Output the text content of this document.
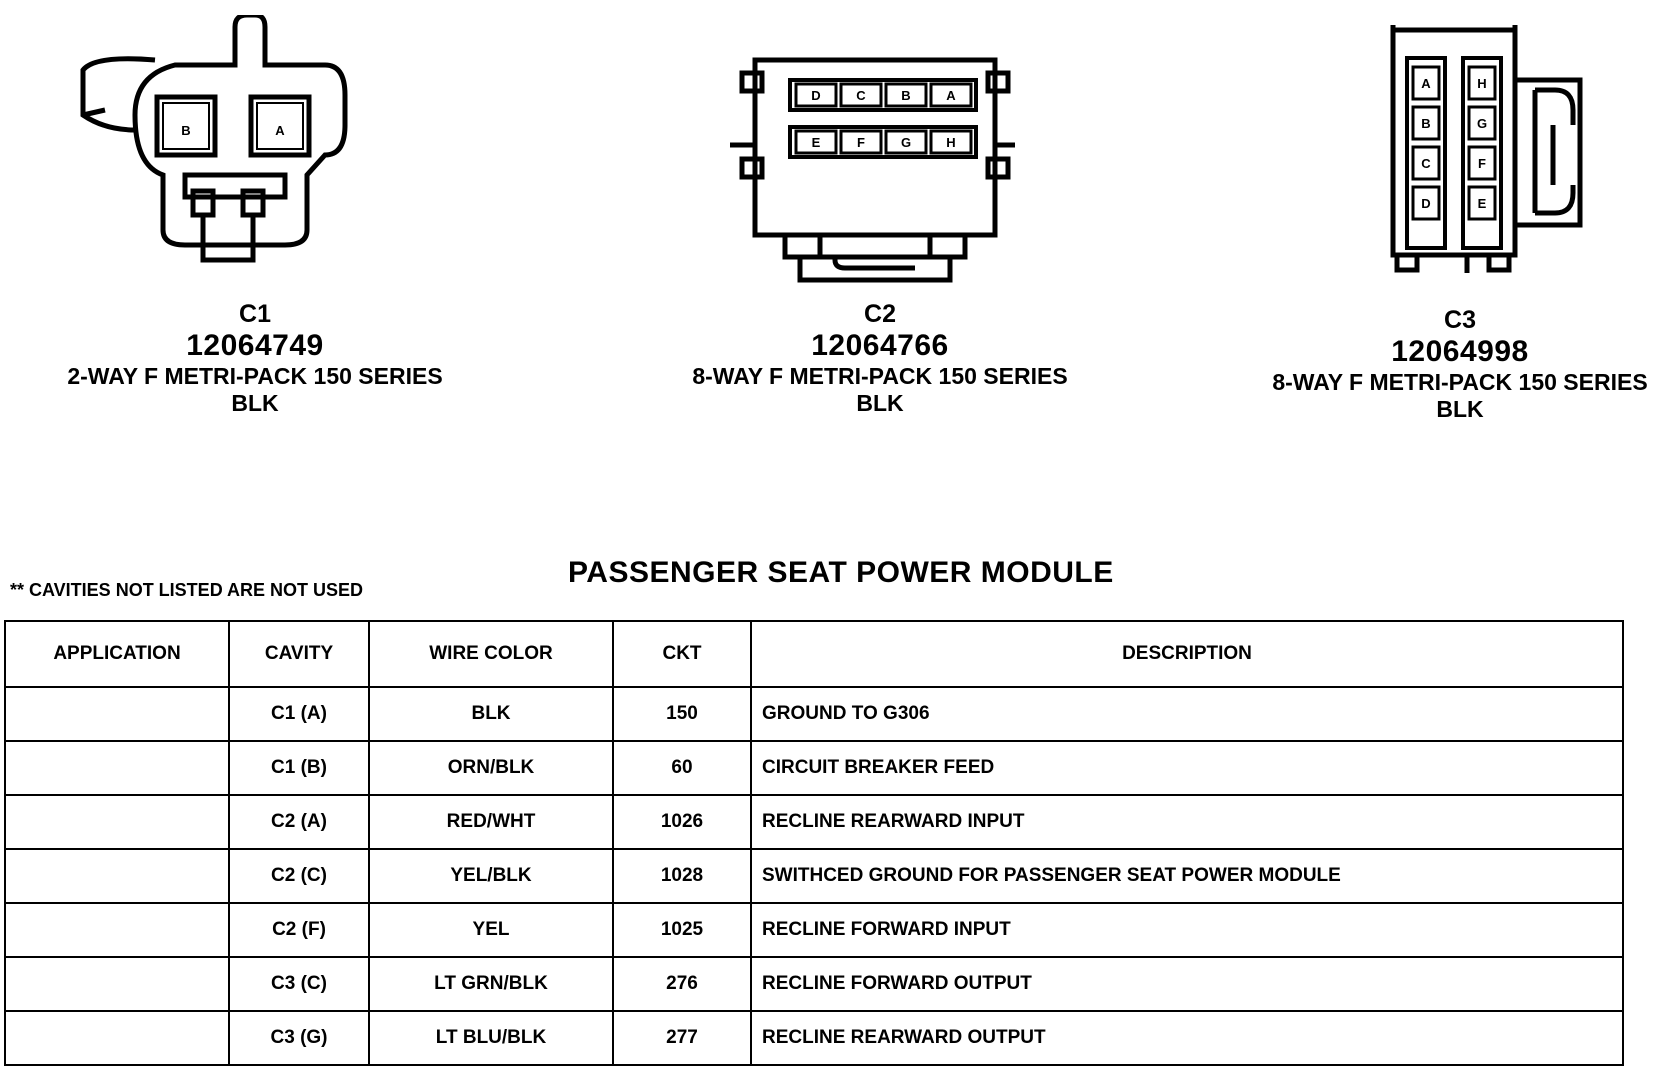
B	A
C1
12064749
2-WAY F METRI-PACK 150 SERIES
BLK
D	C	B	A
E	F	G	H
C2
12064766
8-WAY F METRI-PACK 150 SERIES
BLK
A
B
C
D
H
G
F
E
C3
12064998
8-WAY F METRI-PACK 150 SERIES
BLK
** CAVITIES NOT LISTED ARE NOT USED
PASSENGER SEAT POWER MODULE
APPLICATION	CAVITY	WIRE COLOR	CKT	DESCRIPTION
	C1 (A)	BLK	150	GROUND TO G306
	C1 (B)	ORN/BLK	60	CIRCUIT BREAKER FEED
	C2 (A)	RED/WHT	1026	RECLINE REARWARD INPUT
	C2 (C)	YEL/BLK	1028	SWITHCED GROUND FOR PASSENGER SEAT POWER MODULE
	C2 (F)	YEL	1025	RECLINE FORWARD INPUT
	C3 (C)	LT GRN/BLK	276	RECLINE FORWARD OUTPUT
	C3 (G)	LT BLU/BLK	277	RECLINE REARWARD OUTPUT
